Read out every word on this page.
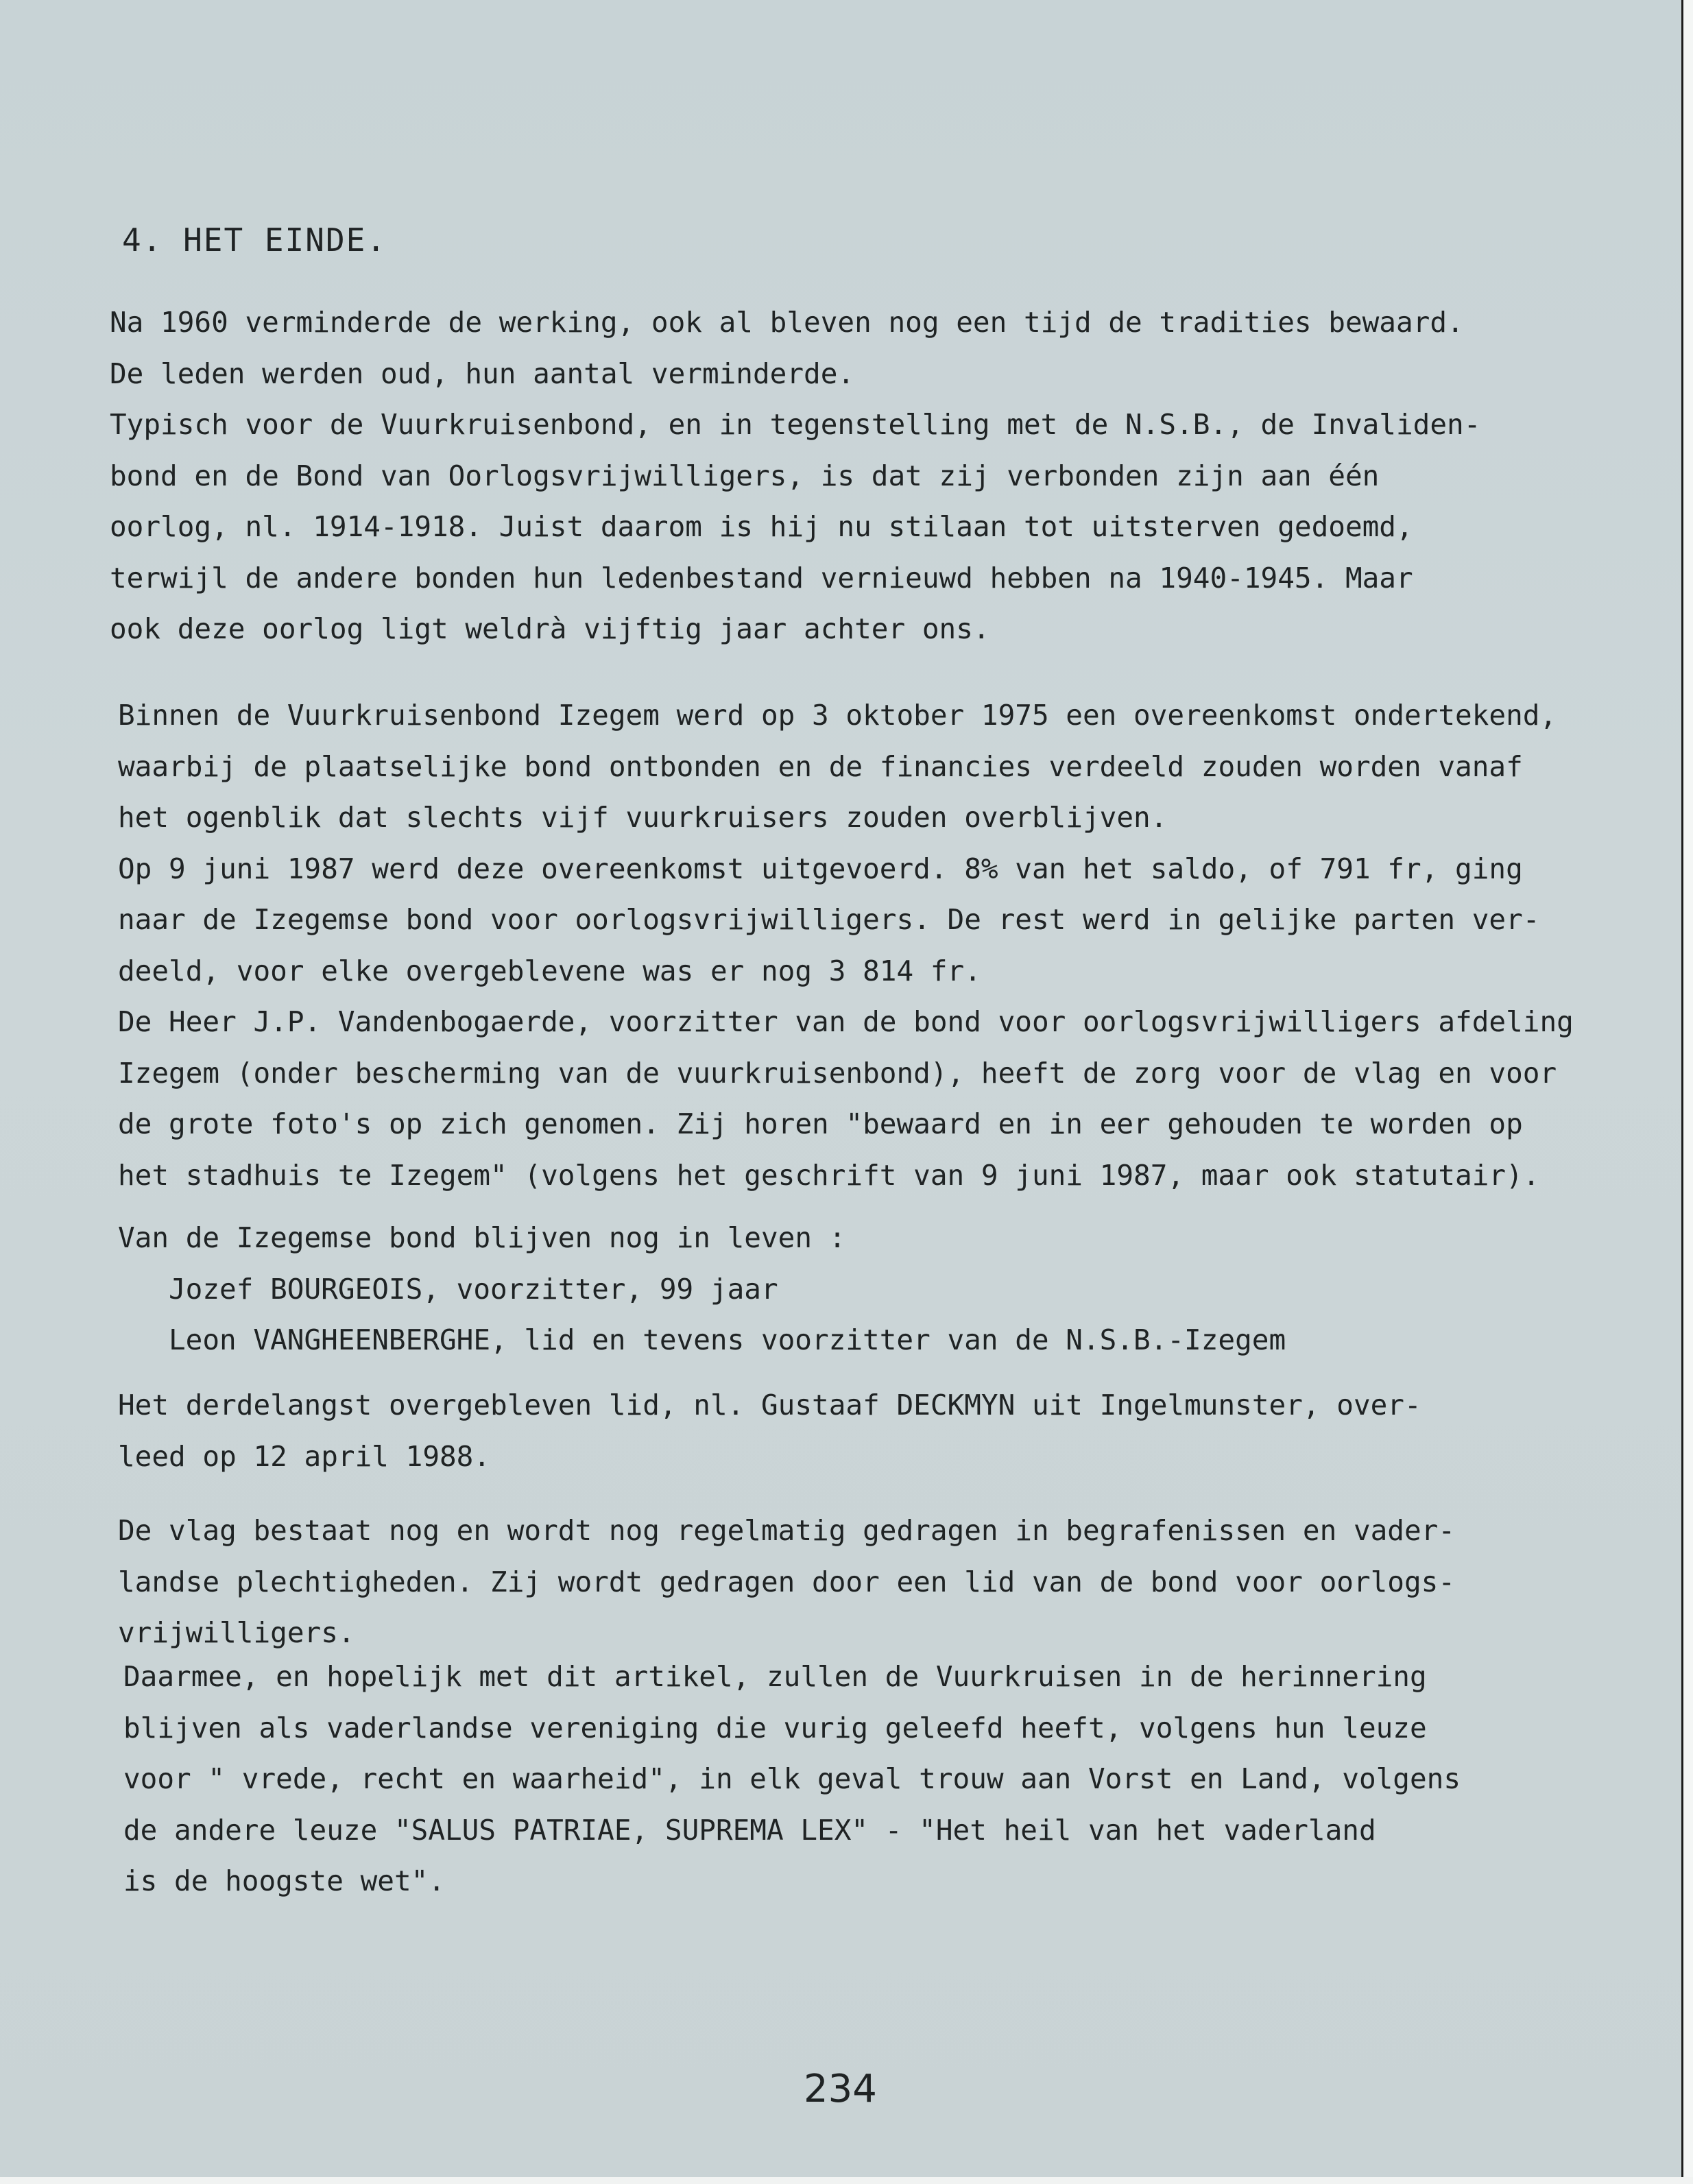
4. HET EINDE.
Na 1960 verminderde de werking, ook al bleven nog een tijd de tradities bewaard.
De leden werden oud, hun aantal verminderde.
Typisch voor de Vuurkruisenbond, en in tegenstelling met de N.S.B., de Invaliden-
bond en de Bond van Oorlogsvrijwilligers, is dat zij verbonden zijn aan één
oorlog, nl. 1914-1918. Juist daarom is hij nu stilaan tot uitsterven gedoemd,
terwijl de andere bonden hun ledenbestand vernieuwd hebben na 1940-1945. Maar
ook deze oorlog ligt weldrà vijftig jaar achter ons.
Binnen de Vuurkruisenbond Izegem werd op 3 oktober 1975 een overeenkomst ondertekend,
waarbij de plaatselijke bond ontbonden en de financies verdeeld zouden worden vanaf
het ogenblik dat slechts vijf vuurkruisers zouden overblijven.
Op 9 juni 1987 werd deze overeenkomst uitgevoerd. 8% van het saldo, of 791 fr, ging
naar de Izegemse bond voor oorlogsvrijwilligers. De rest werd in gelijke parten ver-
deeld, voor elke overgeblevene was er nog 3 814 fr.
De Heer J.P. Vandenbogaerde, voorzitter van de bond voor oorlogsvrijwilligers afdeling
Izegem (onder bescherming van de vuurkruisenbond), heeft de zorg voor de vlag en voor
de grote foto's op zich genomen. Zij horen "bewaard en in eer gehouden te worden op
het stadhuis te Izegem" (volgens het geschrift van 9 juni 1987, maar ook statutair).
Van de Izegemse bond blijven nog in leven :
Jozef BOURGEOIS, voorzitter, 99 jaar
Leon VANGHEENBERGHE, lid en tevens voorzitter van de N.S.B.-Izegem
Het derdelangst overgebleven lid, nl. Gustaaf DECKMYN uit Ingelmunster, over-
leed op 12 april 1988.
De vlag bestaat nog en wordt nog regelmatig gedragen in begrafenissen en vader-
landse plechtigheden. Zij wordt gedragen door een lid van de bond voor oorlogs-
vrijwilligers.
Daarmee, en hopelijk met dit artikel, zullen de Vuurkruisen in de herinnering
blijven als vaderlandse vereniging die vurig geleefd heeft, volgens hun leuze
voor " vrede, recht en waarheid", in elk geval trouw aan Vorst en Land, volgens
de andere leuze "SALUS PATRIAE, SUPREMA LEX" - "Het heil van het vaderland
is de hoogste wet".
234
